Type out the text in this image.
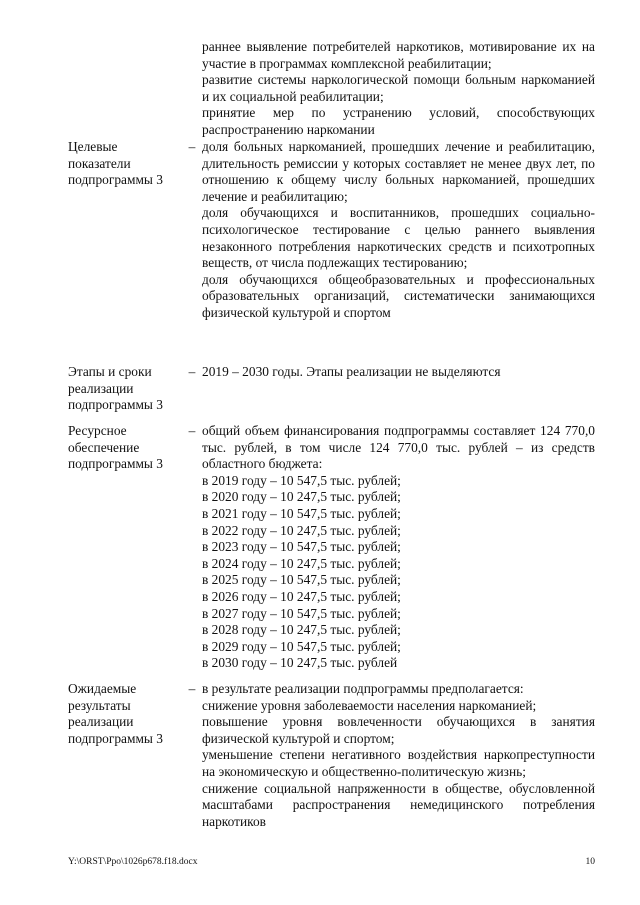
раннее выявление потребителей наркотиков, мотивирование их на участие в программах комплексной реабилитации;

развитие системы наркологической помощи больным наркоманией и их социальной реабилитации;

принятие мер по устранению условий, способствующих распространению наркомании

Целевые
показатели
подпрограммы 3
– доля больных наркоманией, прошедших лечение и реабилитацию, длительность ремиссии у которых составляет не менее двух лет, по отношению к общему числу больных наркоманией, прошедших лечение и реабилитацию;

доля обучающихся и воспитанников, прошедших социально-психологическое тестирование с целью раннего выявления незаконного потребления наркотических средств и психотропных веществ, от числа подлежащих тестированию;

доля обучающихся общеобразовательных и профессиональных образовательных организаций, систематически занимающихся физической культурой и спортом

Этапы и сроки
реализации
подпрограммы 3
– 2019 – 2030 годы. Этапы реализации не выделяются

Ресурсное
обеспечение
подпрограммы 3
– общий объем финансирования подпрограммы составляет 124 770,0 тыс. рублей, в том числе 124 770,0 тыс. рублей – из средств областного бюджета:

в 2019 году – 10 547,5 тыс. рублей;

в 2020 году – 10 247,5 тыс. рублей;

в 2021 году – 10 547,5 тыс. рублей;

в 2022 году – 10 247,5 тыс. рублей;

в 2023 году – 10 547,5 тыс. рублей;

в 2024 году – 10 247,5 тыс. рублей;

в 2025 году – 10 547,5 тыс. рублей;

в 2026 году – 10 247,5 тыс. рублей;

в 2027 году – 10 547,5 тыс. рублей;

в 2028 году – 10 247,5 тыс. рублей;

в 2029 году – 10 547,5 тыс. рублей;

в 2030 году – 10 247,5 тыс. рублей

Ожидаемые
результаты
реализации
подпрограммы 3
– в результате реализации подпрограммы предполагается:

снижение уровня заболеваемости населения наркоманией;

повышение уровня вовлеченности обучающихся в занятия физической культурой и спортом;

уменьшение степени негативного воздействия наркопреступности на экономическую и общественно-политическую жизнь;

снижение социальной напряженности в обществе, обусловленной масштабами распространения немедицинского потребления наркотиков

Y:\ORST\Ppo\1026p678.f18.docx	10
